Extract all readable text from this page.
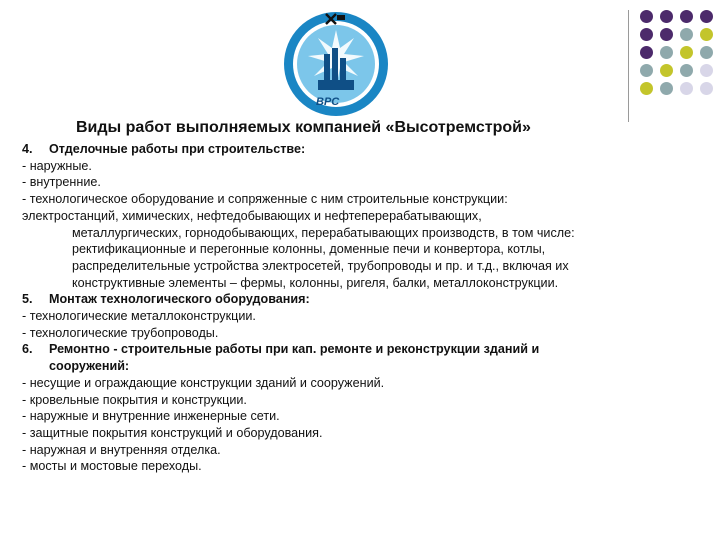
ВРС
Виды работ выполняемых компанией «Высотремстрой»
4.	Отделочные работы при строительстве:
- наружные.
- внутренние.
- технологическое оборудование и сопряженные с ним строительные конструкции:
электростанций, химических, нефтедобывающих и нефтеперерабатывающих,
металлургических, горнодобывающих, перерабатывающих производств, в том числе:
ректификационные и перегонные колонны, доменные печи и конвертора, котлы,
распределительные устройства электросетей, трубопроводы и пр. и т.д., включая их
конструктивные элементы – фермы, колонны, ригеля, балки, металлоконструкции.
5.	Монтаж технологического оборудования:
- технологические металлоконструкции.
- технологические трубопроводы.
6.	Ремонтно - строительные работы при кап. ремонте и реконструкции зданий и
сооружений:
- несущие и ограждающие конструкции зданий и сооружений.
- кровельные покрытия и конструкции.
- наружные и внутренние инженерные сети.
- защитные покрытия конструкций и оборудования.
- наружная и внутренняя отделка.
- мосты и мостовые переходы.
